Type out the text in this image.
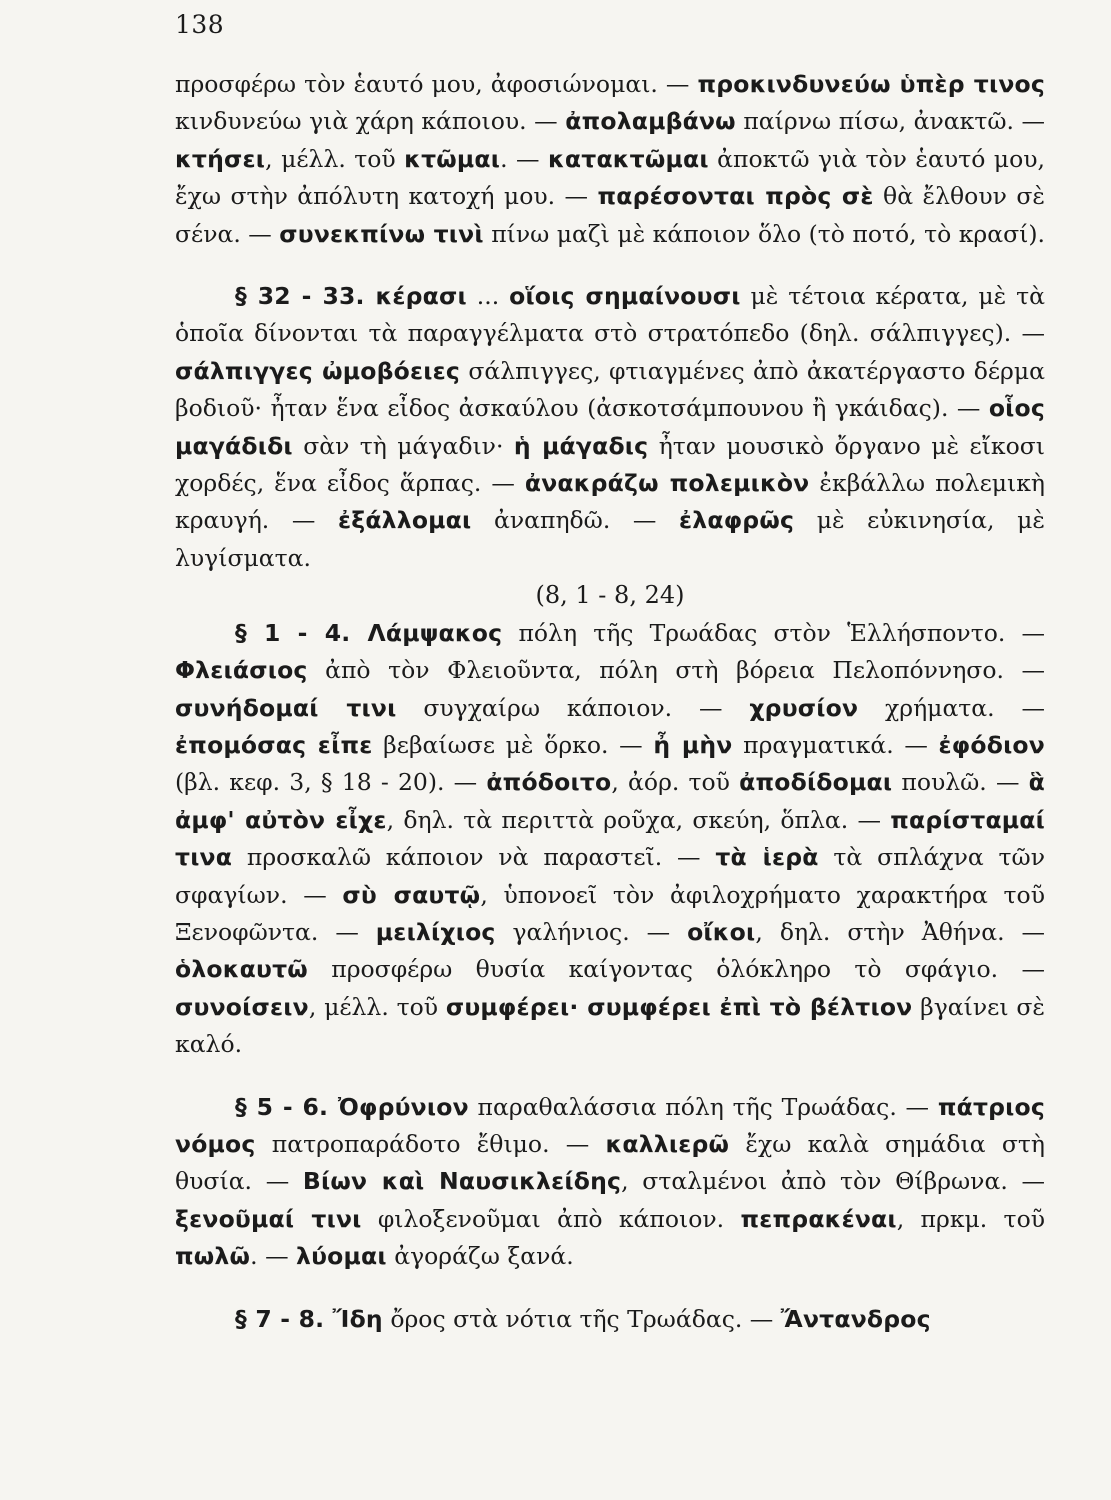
138

προσφέρω τὸν ἑαυτό μου, ἀφοσιώνομαι. — προκινδυνεύω ὑπὲρ τινος κινδυνεύω γιὰ χάρη κάποιου. — ἀπολαμβάνω παίρνω πίσω, ἀνακτῶ. — κτήσει, μέλλ. τοῦ κτῶμαι. — κατακτῶμαι ἀποκτῶ γιὰ τὸν ἑαυτό μου, ἔχω στὴν ἀπόλυτη κατοχή μου. — παρέσονται πρὸς σὲ θὰ ἔλθουν σὲ σένα. — συνεκπίνω τινὶ πίνω μαζὶ μὲ κάποιον ὅλο (τὸ ποτό, τὸ κρασί).

§ 32 - 33. κέρασι ... οἵοις σημαίνουσι μὲ τέτοια κέρατα, μὲ τὰ ὁποῖα δίνονται τὰ παραγγέλματα στὸ στρατόπεδο (δηλ. σάλπιγγες). — σάλπιγγες ὠμοβόειες σάλπιγγες, φτιαγμένες ἀπὸ ἀκατέργαστο δέρμα βοδιοῦ· ἦταν ἕνα εἶδος ἀσκαύλου (ἀσκοτσάμπουνου ἢ γκάιδας). — οἷος μαγάδιδι σὰν τὴ μάγαδιν· ἡ μάγαδις ἦταν μουσικὸ ὄργανο μὲ εἴκοσι χορδές, ἕνα εἶδος ἅρπας. — ἀνακράζω πολεμικὸν ἐκβάλλω πολεμικὴ κραυγή. — ἐξάλλομαι ἀναπηδῶ. — ἐλαφρῶς μὲ εὐκινησία, μὲ λυγίσματα.

(8, 1 - 8, 24)

§ 1 - 4. Λάμψακος πόλη τῆς Τρωάδας στὸν Ἑλλήσποντο. — Φλειάσιος ἀπὸ τὸν Φλειοῦντα, πόλη στὴ βόρεια Πελοπόννησο. — συνήδομαί τινι συγχαίρω κάποιον. — χρυσίον χρήματα. — ἐπομόσας εἶπε βεβαίωσε μὲ ὅρκο. — ἦ μὴν πραγματικά. — ἐφόδιον (βλ. κεφ. 3, § 18 - 20). — ἀπόδοιτο, ἀόρ. τοῦ ἀποδίδομαι πουλῶ. — ἃ ἀμφ' αὐτὸν εἶχε, δηλ. τὰ περιττὰ ροῦχα, σκεύη, ὅπλα. — παρίσταμαί τινα προσκαλῶ κάποιον νὰ παραστεῖ. — τὰ ἱερὰ τὰ σπλάχνα τῶν σφαγίων. — σὺ σαυτῷ, ὑπονοεῖ τὸν ἀφιλοχρήματο χαρακτήρα τοῦ Ξενοφῶντα. — μειλίχιος γαλήνιος. — οἴκοι, δηλ. στὴν Ἀθήνα. — ὁλοκαυτῶ προσφέρω θυσία καίγοντας ὁλόκληρο τὸ σφάγιο. — συνοίσειν, μέλλ. τοῦ συμφέρει· συμφέρει ἐπὶ τὸ βέλτιον βγαίνει σὲ καλό.

§ 5 - 6. Ὀφρύνιον παραθαλάσσια πόλη τῆς Τρωάδας. — πάτριος νόμος πατροπαράδοτο ἔθιμο. — καλλιερῶ ἔχω καλὰ σημάδια στὴ θυσία. — Βίων καὶ Ναυσικλείδης, σταλμένοι ἀπὸ τὸν Θίβρωνα. — ξενοῦμαί τινι φιλοξενοῦμαι ἀπὸ κάποιον. πεπρακέναι, πρκμ. τοῦ πωλῶ. — λύομαι ἀγοράζω ξανά.

§ 7 - 8. Ἴδη ὄρος στὰ νότια τῆς Τρωάδας. — Ἄντανδρος
